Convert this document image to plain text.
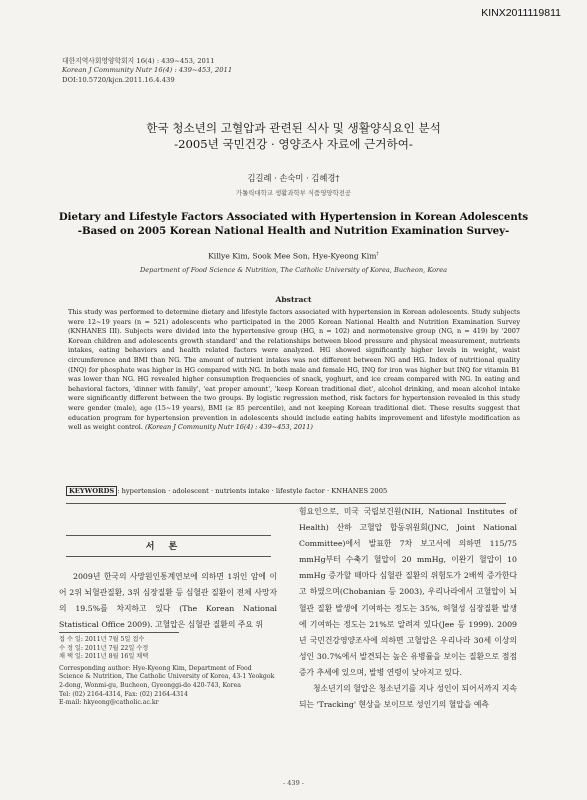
KINX2011119811
대한지역사회영양학회지 16(4) : 439~453, 2011
Korean J Community Nutr 16(4) : 439~453, 2011
DOI:10.5720/kjcn.2011.16.4.439
한국 청소년의 고혈압과 관련된 식사 및 생활양식요인 분석
-2005년 국민건강 · 영양조사 자료에 근거하여-
김길례 · 손숙미 · 김혜경†
가톨릭대학교 생활과학부 식품영양학전공
Dietary and Lifestyle Factors Associated with Hypertension in Korean Adolescents
-Based on 2005 Korean National Health and Nutrition Examination Survey-
Killye Kim, Sook Mee Son, Hye-Kyeong Kim†
Department of Food Science & Nutrition, The Catholic University of Korea, Bucheon, Korea
Abstract
This study was performed to determine dietary and lifestyle factors associated with hypertension in Korean adolescents. Study subjects were 12~19 years (n = 521) adolescents who participated in the 2005 Korean National Health and Nutrition Examination Survey (KNHANES III). Subjects were divided into the hypertensive group (HG, n = 102) and normotensive group (NG, n = 419) by '2007 Korean children and adolescents growth standard' and the relationships between blood pressure and physical measurement, nutrients intakes, eating behaviors and health related factors were analyzed. HG showed significantly higher levels in weight, waist circumference and BMI than NG. The amount of nutrient intakes was not different between NG and HG. Index of nutritional quality (INQ) for phosphate was higher in HG compared with NG. In both male and female HG, INQ for iron was higher but INQ for vitamin B1 was lower than NG. HG revealed higher consumption frequencies of snack, yoghurt, and ice cream compared with NG. In eating and behavioral factors, 'dinner with family', 'eat proper amount', 'keep Korean traditional diet', alcohol drinking, and mean alcohol intake were significantly different between the two groups. By logistic regression method, risk factors for hypertension revealed in this study were gender (male), age (15~19 years), BMI (≥ 85 percentile), and not keeping Korean traditional diet. These results suggest that education program for hypertension prevention in adolescents should include eating habits improvement and lifestyle modification as well as weight control. (Korean J Community Nutr 16(4) : 439~453, 2011)
KEYWORDS : hypertension · adolescent · nutrients intake · lifestyle factor · KNHANES 2005
서론
2009년 한국의 사망원인통계연보에 의하면 1위인 암에 이어 2위 뇌혈관질환, 3위 심장질환 등 심혈관 질환이 전체 사망자의 19.5%를 차지하고 있다 (The Korean National Statistical Office 2009). 고혈압은 심혈관 질환의 주요 위
접 수 일: 2011년 7월 5일 접수
수 정 일: 2011년 7월 22일 수정
채 택 일: 2011년 8월 16일 채택
Corresponding author: Hye-Kyeong Kim, Department of Food Science & Nutrition, The Catholic University of Korea, 43-1 Yeokgok 2-dong, Wonmi-gu, Bucheon, Gyeonggi-do 420-743, Korea
Tel: (02) 2164-4314, Fax: (02) 2164-4314
E-mail: hkyeong@catholic.ac.kr
험요인으로, 미국 국립보건원(NIH, National Institutes of Health) 산하 고혈압 합동위원회(JNC, Joint National Committee)에서 발표한 7차 보고서에 의하면 115/75 mmHg부터 수축기 혈압이 20 mmHg, 이완기 혈압이 10 mmHg 증가할 때마다 심혈관 질환의 위험도가 2배씩 증가한다고 하였으며(Chobanian 등 2003), 우리나라에서 고혈압이 뇌혈관 질환 발생에 기여하는 정도는 35%, 허혈성 심장질환 발생에 기여하는 정도는 21%로 알려져 있다(Jee 등 1999). 2009년 국민건강영양조사에 의하면 고혈압은 우리나라 30세 이상의 성인 30.7%에서 발견되는 높은 유병률을 보이는 질환으로 점점 증가 추세에 있으며, 발병 연령이 낮아지고 있다.
청소년기의 혈압은 청소년기를 지나 성인이 되어서까지 지속되는 'Tracking' 현상을 보이므로 성인기의 혈압을 예측
- 439 -
